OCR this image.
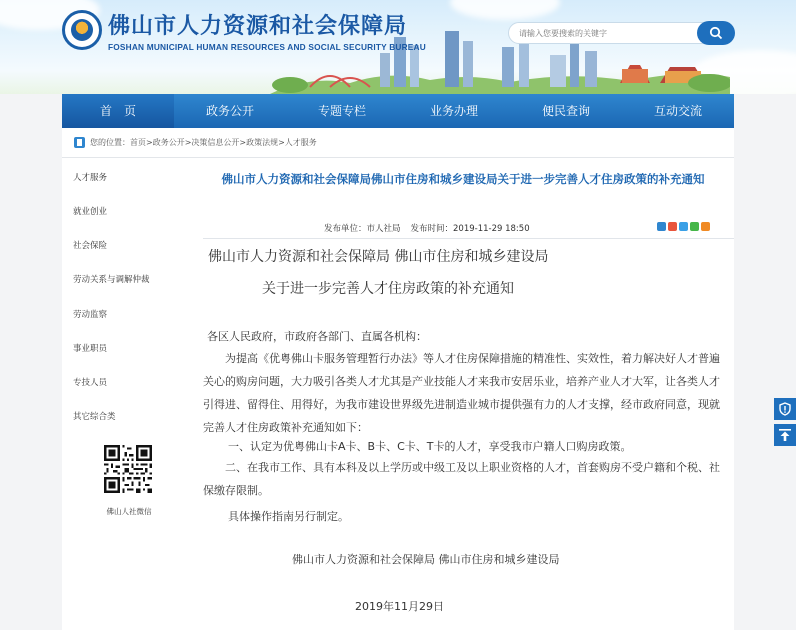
佛山市人力资源和社会保障局
FOSHAN MUNICIPAL HUMAN RESOURCES AND SOCIAL SECURITY BUREAU
请输入您要搜索的关键字
首　页	政务公开	专题专栏	业务办理	便民查询	互动交流
您的位置： 首页>政务公开>决策信息公开>政策法规>人才服务
人才服务
就业创业
社会保险
劳动关系与调解仲裁
劳动监察
事业职员
专技人员
其它综合类
佛山人社微信
佛山市人力资源和社会保障局佛山市住房和城乡建设局关于进一步完善人才住房政策的补充通知
发布单位：市人社局 发布时间：2019-11-29 18:50
佛山市人力资源和社会保障局 佛山市住房和城乡建设局
关于进一步完善人才住房政策的补充通知
各区人民政府，市政府各部门、直属各机构：
为提高《优粤佛山卡服务管理暂行办法》等人才住房保障措施的精准性、实效性，着力解决好人才普遍关心的购房问题，大力吸引各类人才尤其是产业技能人才来我市安居乐业，培养产业人才大军，让各类人才引得进、留得住、用得好，为我市建设世界级先进制造业城市提供强有力的人才支撑，经市政府同意，现就完善人才住房政策补充通知如下：
一、认定为优粤佛山卡A卡、B卡、C卡、T卡的人才，享受我市户籍人口购房政策。
二、在我市工作、具有本科及以上学历或中级工及以上职业资格的人才，首套购房不受户籍和个税、社保缴存限制。
具体操作指南另行制定。
佛山市人力资源和社会保障局 佛山市住房和城乡建设局
2019年11月29日
